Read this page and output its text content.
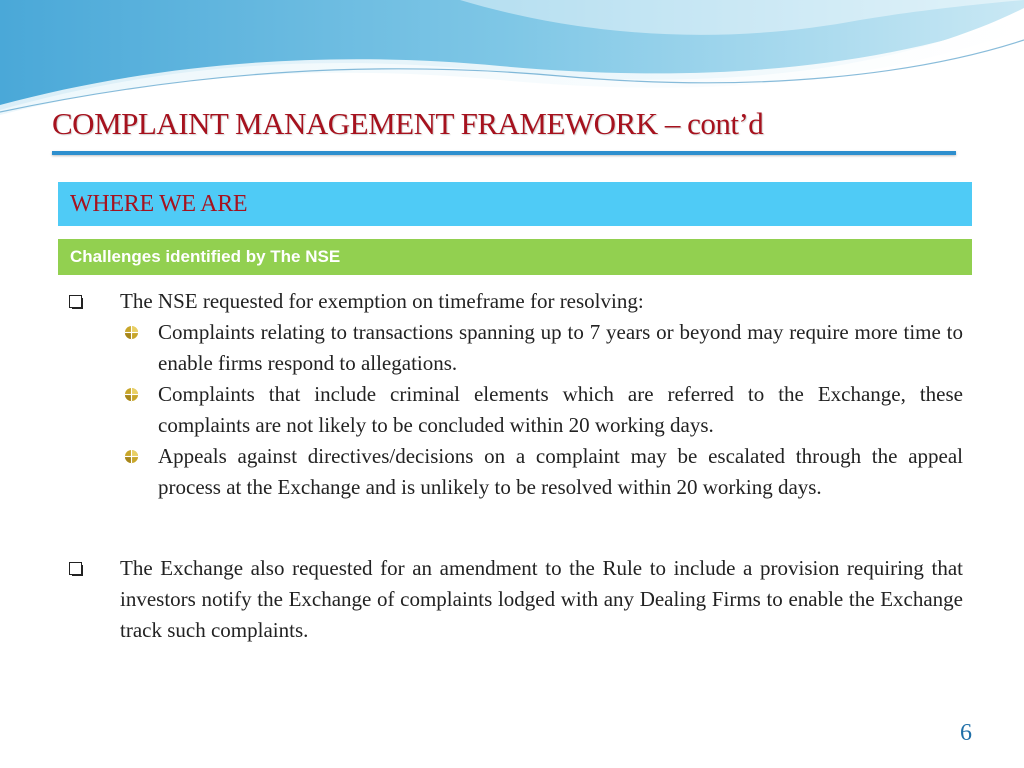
COMPLAINT MANAGEMENT FRAMEWORK – cont’d
WHERE WE ARE
Challenges identified by The NSE
The NSE requested for exemption on timeframe for resolving:
Complaints relating to transactions spanning up to 7 years or beyond may require more time to enable firms respond to allegations.
Complaints that include criminal elements which are referred to the Exchange, these complaints are not likely to be concluded within 20 working days.
Appeals against directives/decisions on a complaint may be escalated through the appeal process at the Exchange and is unlikely to be resolved within 20 working days.
The Exchange also requested for an amendment to the Rule to include a provision requiring that investors notify the Exchange of complaints lodged with any Dealing Firms to enable the Exchange track such complaints.
6
